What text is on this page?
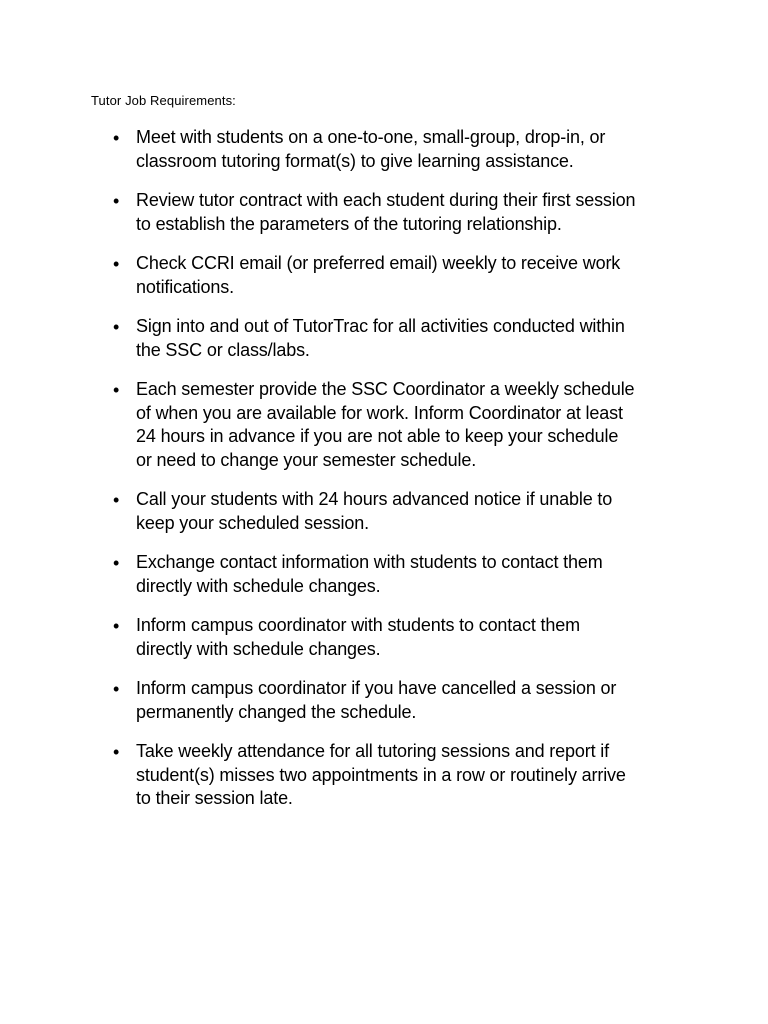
Tutor Job Requirements:
• Meet with students on a one-to-one, small-group, drop-in, or classroom tutoring format(s) to give learning assistance.
• Review tutor contract with each student during their first session to establish the parameters of the tutoring relationship.
• Check CCRI email (or preferred email) weekly to receive work notifications.
• Sign into and out of TutorTrac for all activities conducted within the SSC or class/labs.
• Each semester provide the SSC Coordinator a weekly schedule of when you are available for work. Inform Coordinator at least 24 hours in advance if you are not able to keep your schedule or need to change your semester schedule.
• Call your students with 24 hours advanced notice if unable to keep your scheduled session.
• Exchange contact information with students to contact them directly with schedule changes.
• Inform campus coordinator with students to contact them directly with schedule changes.
• Inform campus coordinator if you have cancelled a session or permanently changed the schedule.
• Take weekly attendance for all tutoring sessions and report if student(s) misses two appointments in a row or routinely arrive to their session late.
